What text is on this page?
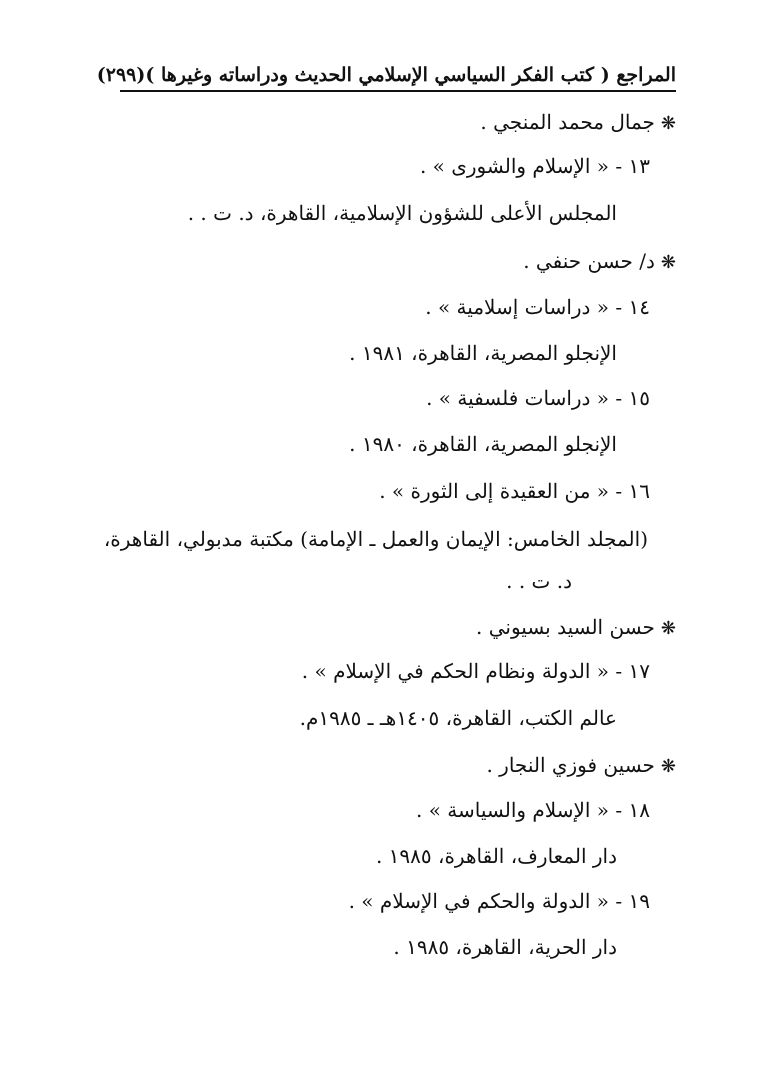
المراجع ( كتب الفكر السياسي الإسلامي الحديث ودراساته وغيرها )
(٢٩٩)
❋جمال محمد المنجي .
١٣ - « الإسلام والشورى » .
المجلس الأعلى للشؤون الإسلامية، القاهرة، د. ت . .
❋د/ حسن حنفي .
١٤ - « دراسات إسلامية » .
الإنجلو المصرية، القاهرة، ١٩٨١ .
١٥ - « دراسات فلسفية » .
الإنجلو المصرية، القاهرة، ١٩٨٠ .
١٦ - « من العقيدة إلى الثورة » .
(المجلد الخامس: الإيمان والعمل ـ الإمامة) مكتبة مدبولي، القاهرة،
د. ت . .
❋حسن السيد بسيوني .
١٧ - « الدولة ونظام الحكم في الإسلام » .
عالم الكتب، القاهرة، ١٤٠٥هـ ـ ١٩٨٥م.
❋حسين فوزي النجار .
١٨ - « الإسلام والسياسة » .
دار المعارف، القاهرة، ١٩٨٥ .
١٩ - « الدولة والحكم في الإسلام » .
دار الحرية، القاهرة، ١٩٨٥ .
